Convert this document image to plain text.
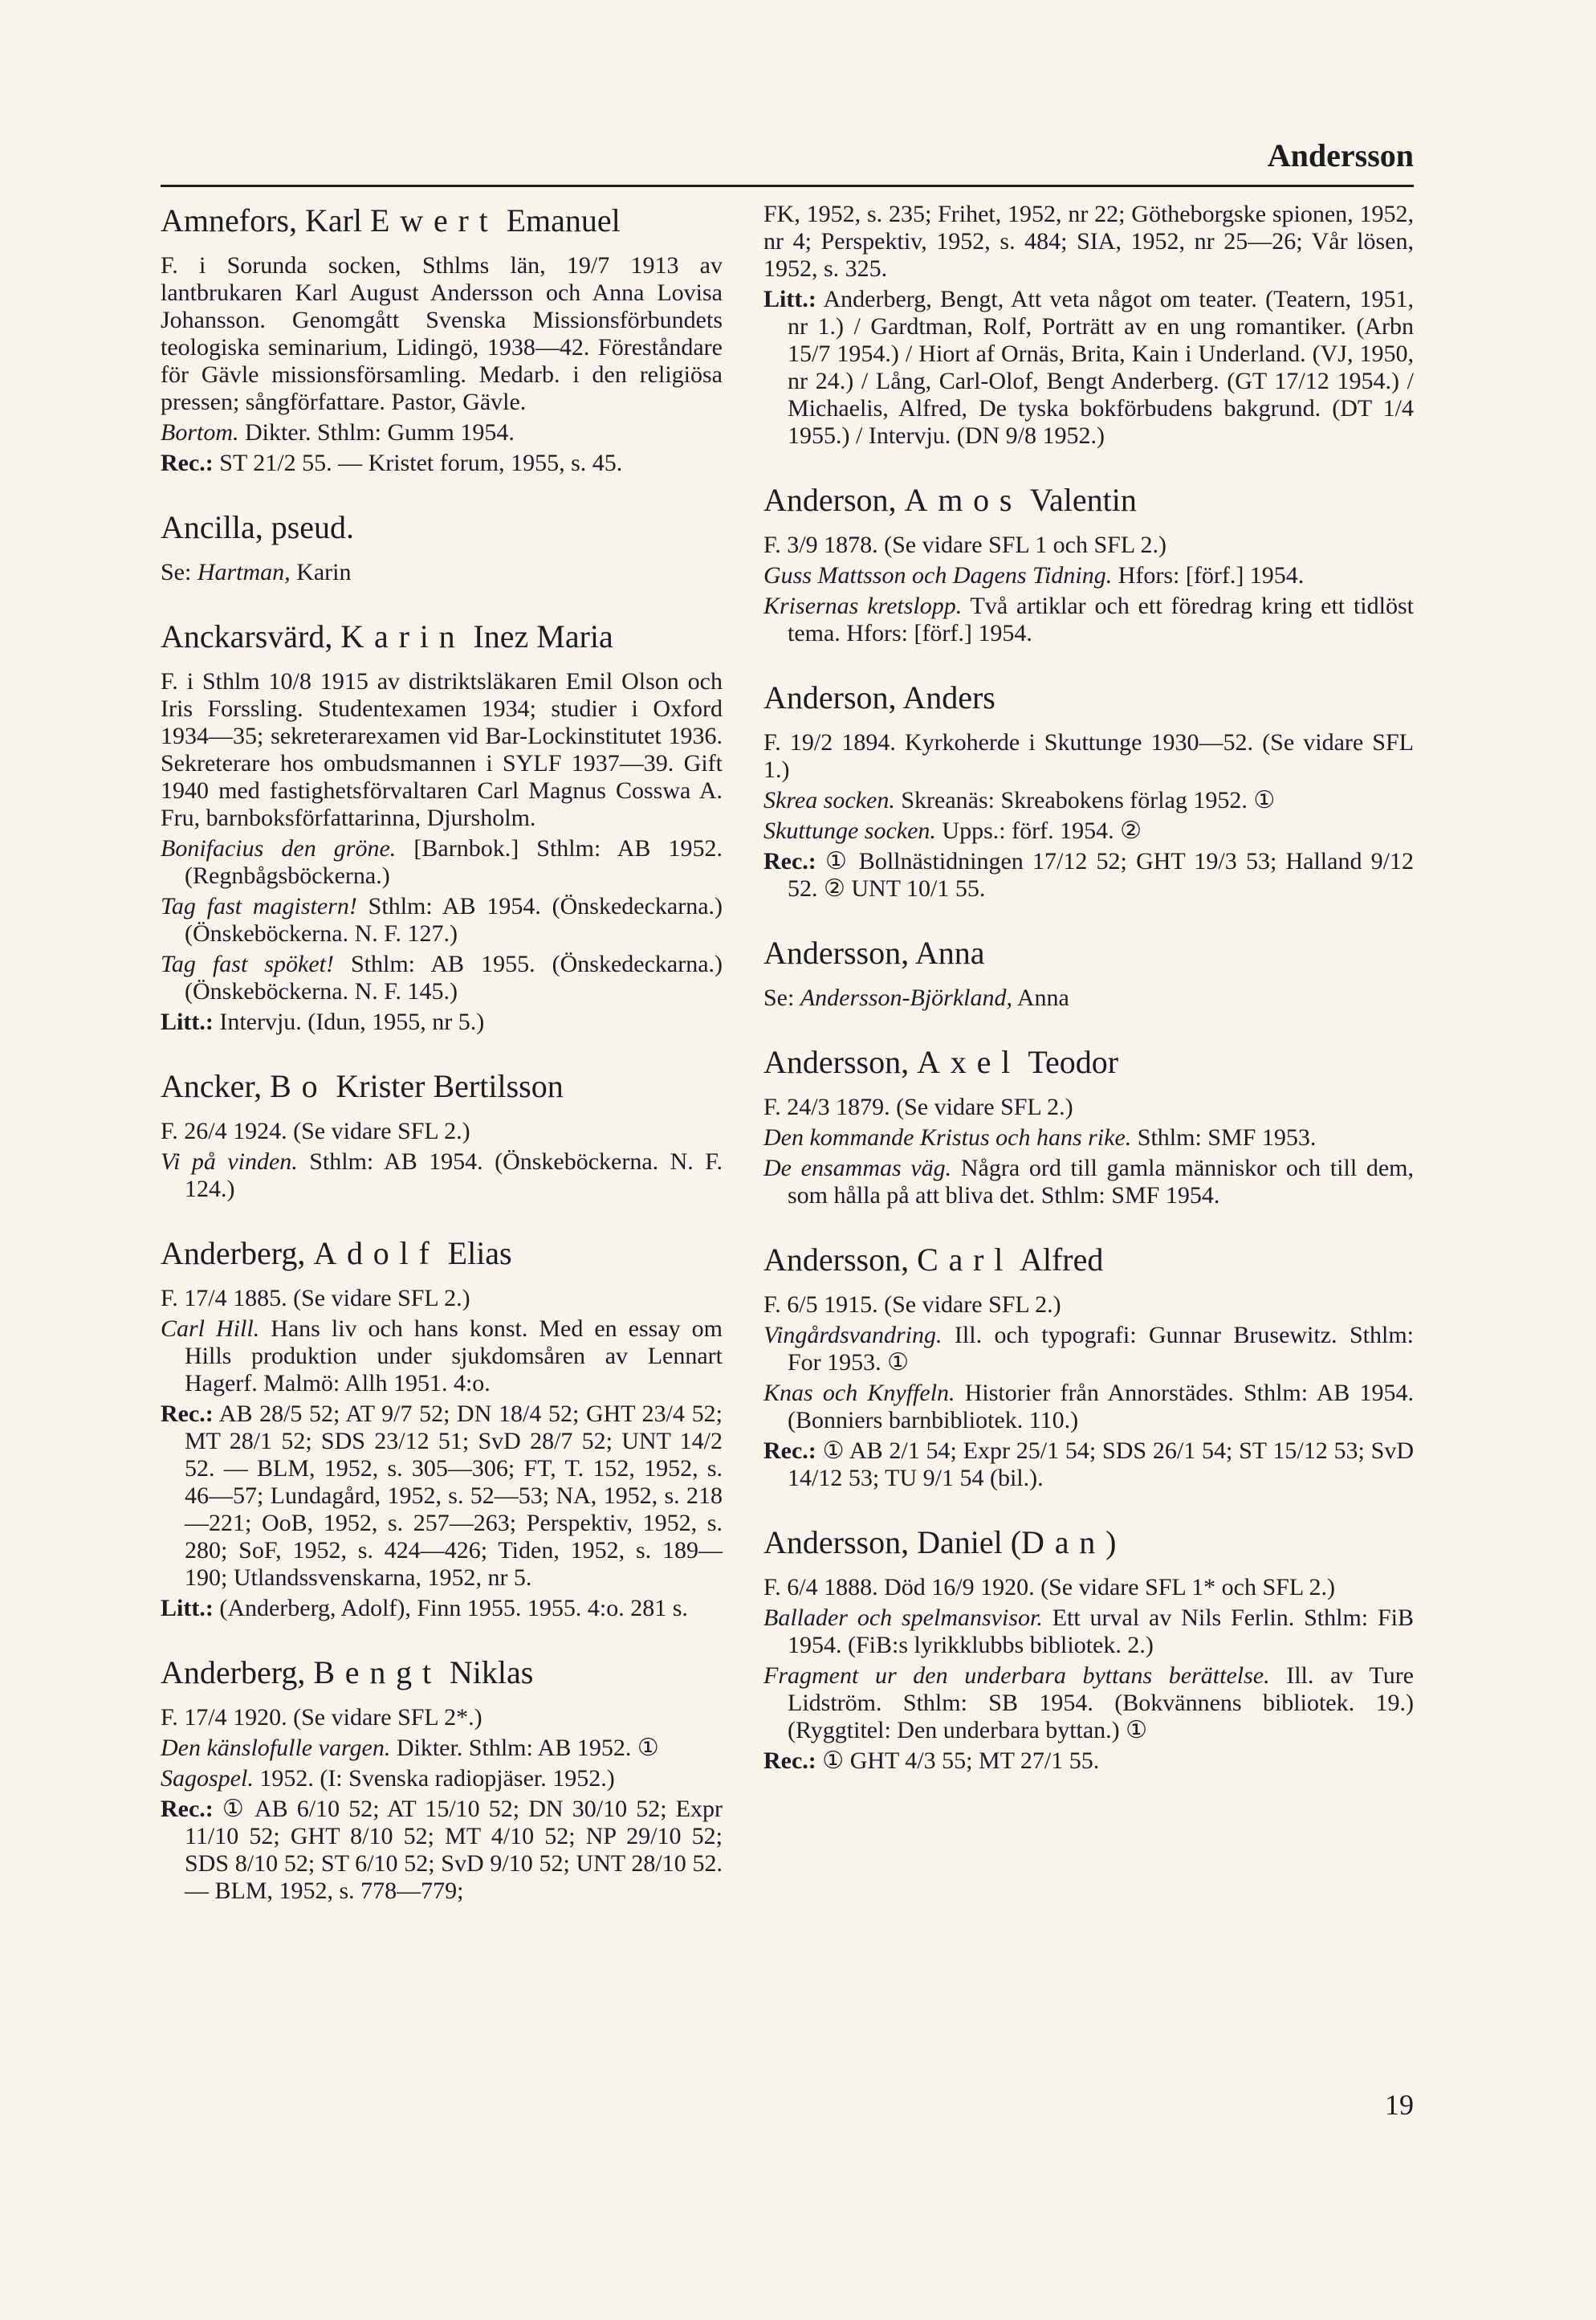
Andersson
Amnefors, Karl Ewert Emanuel

F. i Sorunda socken, Sthlms län, 19/7 1913 av lantbrukaren Karl August Andersson och Anna Lovisa Johansson. Genomgått Svenska Missionsförbundets teologiska seminarium, Lidingö, 1938—42. Föreståndare för Gävle missionsförsamling. Medarb. i den religiösa pressen; sångförfattare. Pastor, Gävle.

Bortom. Dikter. Sthlm: Gumm 1954.

Rec.: ST 21/2 55. — Kristet forum, 1955, s. 45.

Ancilla, pseud.

Se: Hartman, Karin

Anckarsvärd, Karin Inez Maria

F. i Sthlm 10/8 1915 av distriktsläkaren Emil Olson och Iris Forssling. Studentexamen 1934; studier i Oxford 1934—35; sekreterarexamen vid Bar-Lockinstitutet 1936. Sekreterare hos ombudsmannen i SYLF 1937—39. Gift 1940 med fastighetsförvaltaren Carl Magnus Cosswa A. Fru, barnboksförfattarinna, Djursholm.

Bonifacius den gröne. [Barnbok.] Sthlm: AB 1952. (Regnbågsböckerna.)

Tag fast magistern! Sthlm: AB 1954. (Önskedeckarna.) (Önskeböckerna. N. F. 127.)

Tag fast spöket! Sthlm: AB 1955. (Önskedeckarna.) (Önskeböckerna. N. F. 145.)

Litt.: Intervju. (Idun, 1955, nr 5.)

Ancker, Bo Krister Bertilsson

F. 26/4 1924. (Se vidare SFL 2.)

Vi på vinden. Sthlm: AB 1954. (Önskeböckerna. N. F. 124.)

Anderberg, Adolf Elias

F. 17/4 1885. (Se vidare SFL 2.)

Carl Hill. Hans liv och hans konst. Med en essay om Hills produktion under sjukdomsåren av Lennart Hagerf. Malmö: Allh 1951. 4:o.

Rec.: AB 28/5 52; AT 9/7 52; DN 18/4 52; GHT 23/4 52; MT 28/1 52; SDS 23/12 51; SvD 28/7 52; UNT 14/2 52. — BLM, 1952, s. 305—306; FT, T. 152, 1952, s. 46—57; Lundagård, 1952, s. 52—53; NA, 1952, s. 218—221; OoB, 1952, s. 257—263; Perspektiv, 1952, s. 280; SoF, 1952, s. 424—426; Tiden, 1952, s. 189—190; Utlandssvenskarna, 1952, nr 5.

Litt.: (Anderberg, Adolf), Finn 1955. 1955. 4:o. 281 s.

Anderberg, Bengt Niklas

F. 17/4 1920. (Se vidare SFL 2*.)

Den känslofulle vargen. Dikter. Sthlm: AB 1952. ①

Sagospel. 1952. (I: Svenska radiopjäser. 1952.)

Rec.: ① AB 6/10 52; AT 15/10 52; DN 30/10 52; Expr 11/10 52; GHT 8/10 52; MT 4/10 52; NP 29/10 52; SDS 8/10 52; ST 6/10 52; SvD 9/10 52; UNT 28/10 52. — BLM, 1952, s. 778—779;

FK, 1952, s. 235; Frihet, 1952, nr 22; Götheborgske spionen, 1952, nr 4; Perspektiv, 1952, s. 484; SIA, 1952, nr 25—26; Vår lösen, 1952, s. 325.

Litt.: Anderberg, Bengt, Att veta något om teater. (Teatern, 1951, nr 1.) / Gardtman, Rolf, Porträtt av en ung romantiker. (Arbn 15/7 1954.) / Hiort af Ornäs, Brita, Kain i Underland. (VJ, 1950, nr 24.) / Lång, Carl-Olof, Bengt Anderberg. (GT 17/12 1954.) / Michaelis, Alfred, De tyska bokförbudens bakgrund. (DT 1/4 1955.) / Intervju. (DN 9/8 1952.)

Anderson, Amos Valentin

F. 3/9 1878. (Se vidare SFL 1 och SFL 2.)

Guss Mattsson och Dagens Tidning. Hfors: [förf.] 1954.

Krisernas kretslopp. Två artiklar och ett föredrag kring ett tidlöst tema. Hfors: [förf.] 1954.

Anderson, Anders

F. 19/2 1894. Kyrkoherde i Skuttunge 1930—52. (Se vidare SFL 1.)

Skrea socken. Skreanäs: Skreabokens förlag 1952. ①

Skuttunge socken. Upps.: förf. 1954. ②

Rec.: ① Bollnästidningen 17/12 52; GHT 19/3 53; Halland 9/12 52. ② UNT 10/1 55.

Andersson, Anna

Se: Andersson-Björkland, Anna

Andersson, Axel Teodor

F. 24/3 1879. (Se vidare SFL 2.)

Den kommande Kristus och hans rike. Sthlm: SMF 1953.

De ensammas väg. Några ord till gamla människor och till dem, som hålla på att bliva det. Sthlm: SMF 1954.

Andersson, Carl Alfred

F. 6/5 1915. (Se vidare SFL 2.)

Vingårdsvandring. Ill. och typografi: Gunnar Brusewitz. Sthlm: For 1953. ①

Knas och Knyffeln. Historier från Annorstädes. Sthlm: AB 1954. (Bonniers barnbibliotek. 110.)

Rec.: ① AB 2/1 54; Expr 25/1 54; SDS 26/1 54; ST 15/12 53; SvD 14/12 53; TU 9/1 54 (bil.).

Andersson, Daniel (Dan)

F. 6/4 1888. Död 16/9 1920. (Se vidare SFL 1* och SFL 2.)

Ballader och spelmansvisor. Ett urval av Nils Ferlin. Sthlm: FiB 1954. (FiB:s lyrikklubbs bibliotek. 2.)

Fragment ur den underbara byttans berättelse. Ill. av Ture Lidström. Sthlm: SB 1954. (Bokvännens bibliotek. 19.) (Ryggtitel: Den underbara byttan.) ①

Rec.: ① GHT 4/3 55; MT 27/1 55.

19
